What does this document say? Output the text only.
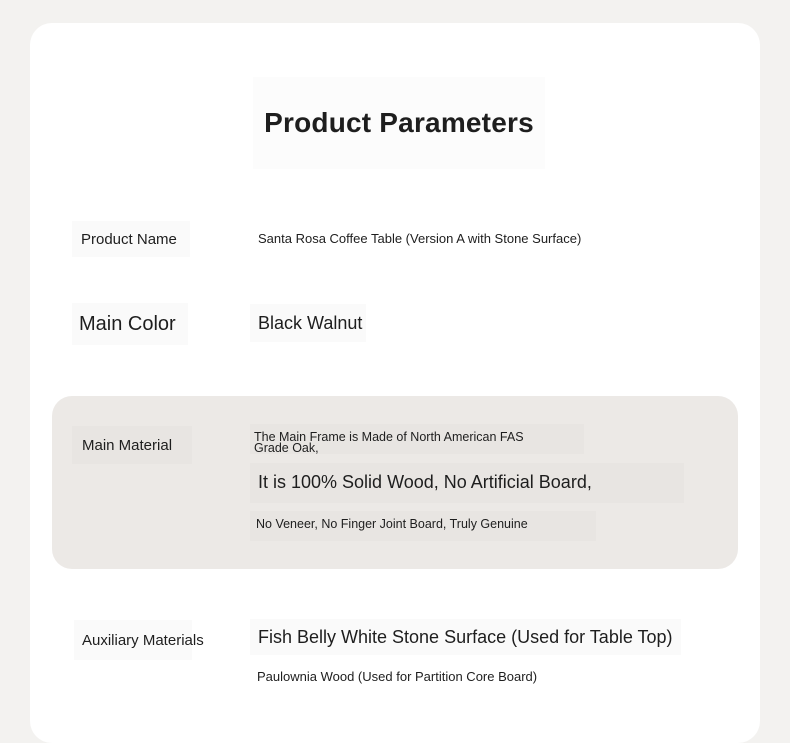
Product Parameters
Product Name	Santa Rosa Coffee Table (Version A with Stone Surface)
Main Color	Black Walnut
Main Material	The Main Frame is Made of North American FAS
Grade Oak,
It is 100% Solid Wood, No Artificial Board,
No Veneer, No Finger Joint Board, Truly Genuine
Auxiliary Materials	Fish Belly White Stone Surface (Used for Table Top)
Paulownia Wood (Used for Partition Core Board)
